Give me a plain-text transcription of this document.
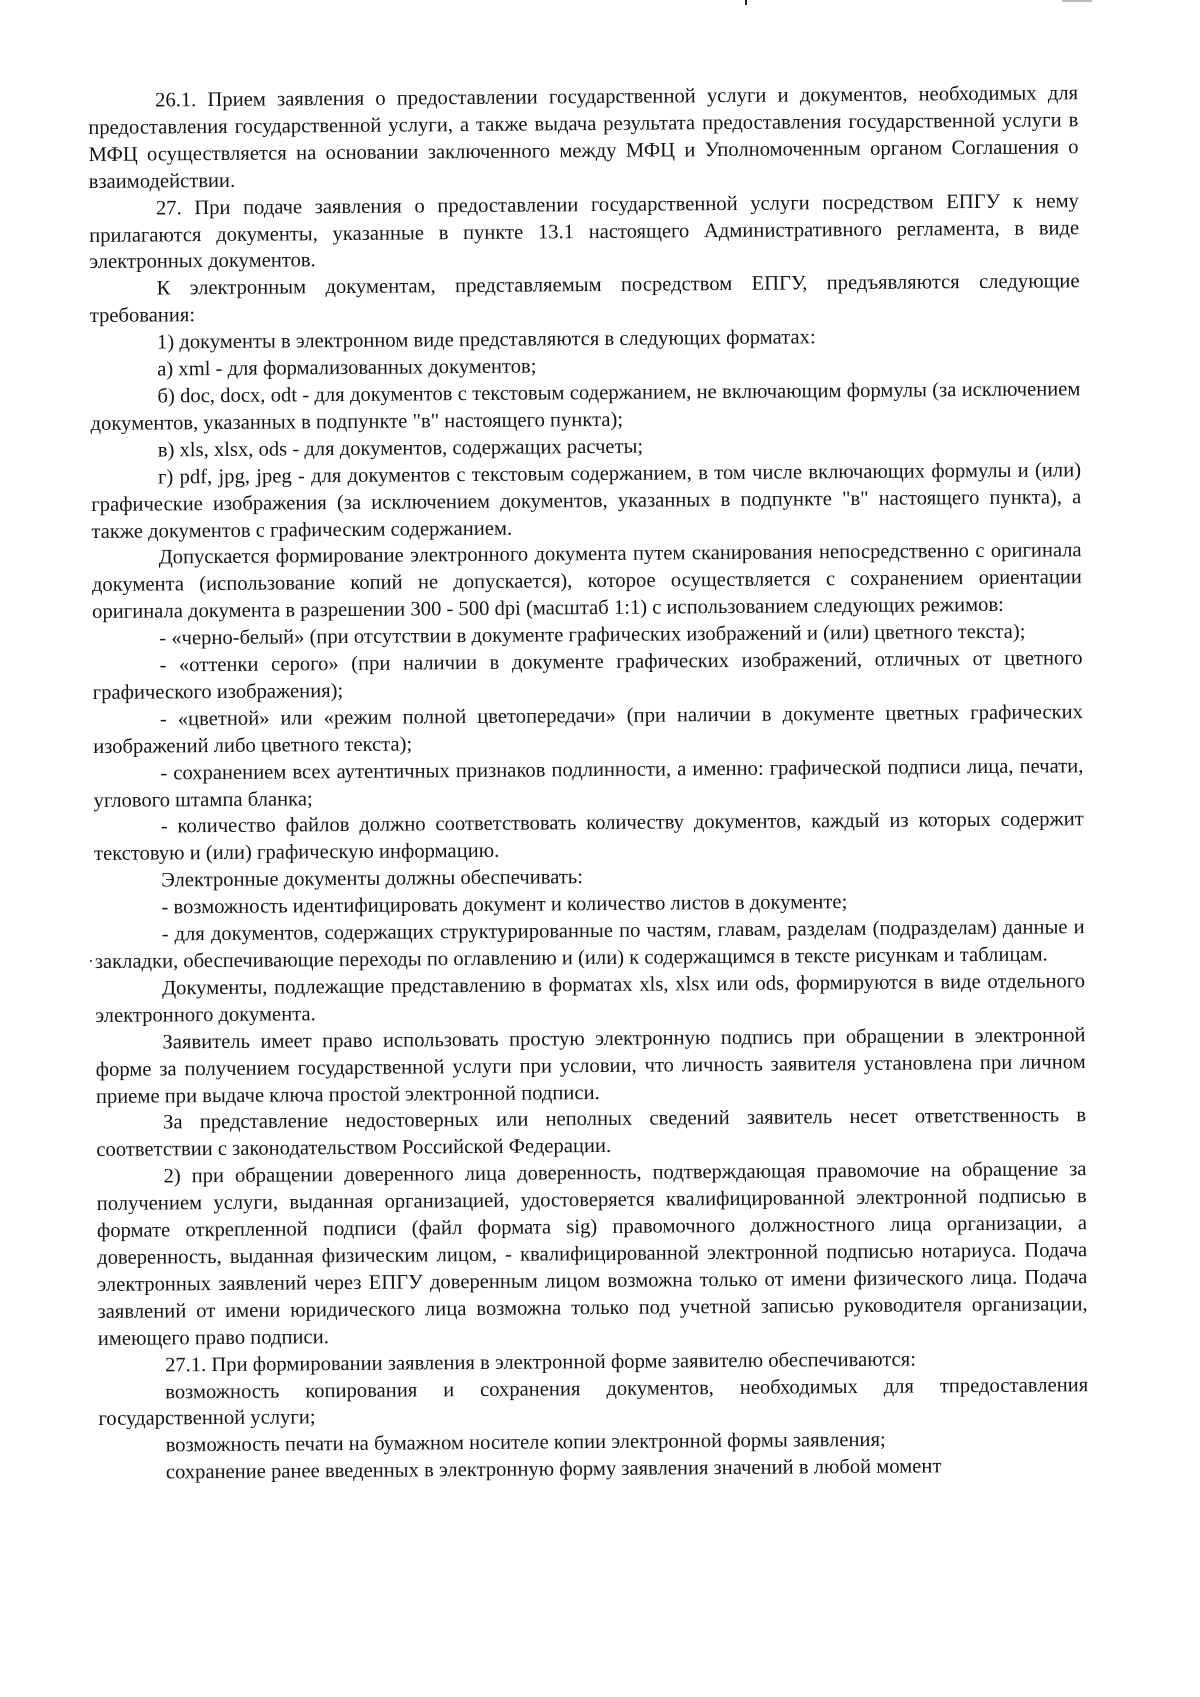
26.1. Прием заявления о предоставлении государственной услуги и документов, необходимых для предоставления государственной услуги, а также выдача результата предоставления государственной услуги в МФЦ осуществляется на основании заключенного между МФЦ и Уполномоченным органом Соглашения о взаимодействии.

27. При подаче заявления о предоставлении государственной услуги посредством ЕПГУ к нему прилагаются документы, указанные в пункте 13.1 настоящего Административного регламента, в виде электронных документов.

К электронным документам, представляемым посредством ЕПГУ, предъявляются следующие требования:

1) документы в электронном виде представляются в следующих форматах:

а) xml - для формализованных документов;

б) doc, docx, odt - для документов с текстовым содержанием, не включающим формулы (за исключением документов, указанных в подпункте "в" настоящего пункта);

в) xls, xlsx, ods - для документов, содержащих расчеты;

г) pdf, jpg, jpeg - для документов с текстовым содержанием, в том числе включающих формулы и (или) графические изображения (за исключением документов, указанных в подпункте "в" настоящего пункта), а также документов с графическим содержанием.

Допускается формирование электронного документа путем сканирования непосредственно с оригинала документа (использование копий не допускается), которое осуществляется с сохранением ориентации оригинала документа в разрешении 300 - 500 dpi (масштаб 1:1) с использованием следующих режимов:

- «черно-белый» (при отсутствии в документе графических изображений и (или) цветного текста);

- «оттенки серого» (при наличии в документе графических изображений, отличных от цветного графического изображения);

- «цветной» или «режим полной цветопередачи» (при наличии в документе цветных графических изображений либо цветного текста);

- сохранением всех аутентичных признаков подлинности, а именно: графической подписи лица, печати, углового штампа бланка;

- количество файлов должно соответствовать количеству документов, каждый из которых содержит текстовую и (или) графическую информацию.

Электронные документы должны обеспечивать:

- возможность идентифицировать документ и количество листов в документе;

- для документов, содержащих структурированные по частям, главам, разделам (подразделам) данные и закладки, обеспечивающие переходы по оглавлению и (или) к содержащимся в тексте рисункам и таблицам.

Документы, подлежащие представлению в форматах xls, xlsx или ods, формируются в виде отдельного электронного документа.

Заявитель имеет право использовать простую электронную подпись при обращении в электронной форме за получением государственной услуги при условии, что личность заявителя установлена при личном приеме при выдаче ключа простой электронной подписи.

За представление недостоверных или неполных сведений заявитель несет ответственность в соответствии с законодательством Российской Федерации.

2) при обращении доверенного лица доверенность, подтверждающая правомочие на обращение за получением услуги, выданная организацией, удостоверяется квалифицированной электронной подписью в формате открепленной подписи (файл формата sig) правомочного должностного лица организации, а доверенность, выданная физическим лицом, - квалифицированной электронной подписью нотариуса. Подача электронных заявлений через ЕПГУ доверенным лицом возможна только от имени физического лица. Подача заявлений от имени юридического лица возможна только под учетной записью руководителя организации, имеющего право подписи.

27.1. При формировании заявления в электронной форме заявителю обеспечиваются:

возможность копирования и сохранения документов, необходимых для тпредоставления государственной услуги;

возможность печати на бумажном носителе копии электронной формы заявления;

сохранение ранее введенных в электронную форму заявления значений в любой момент
